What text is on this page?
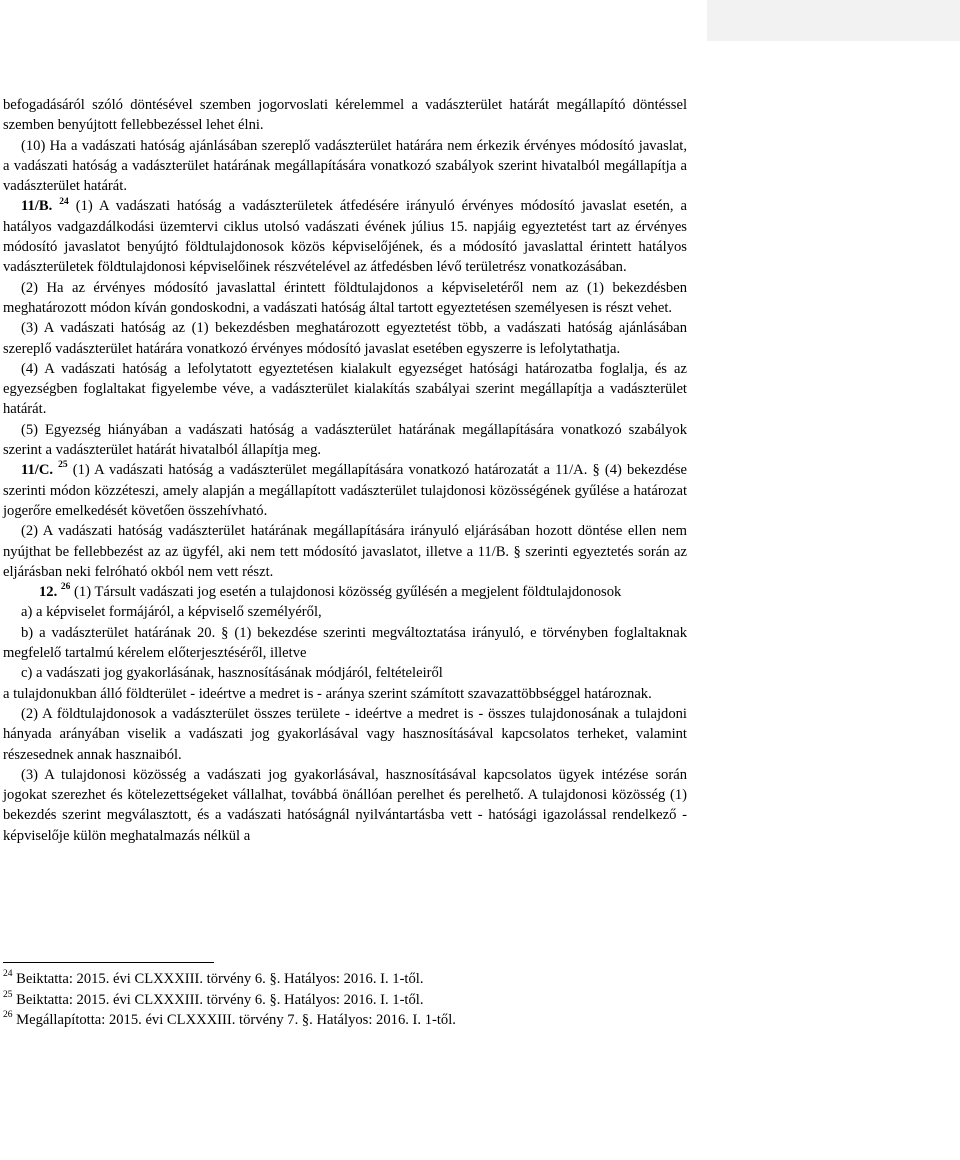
befogadásáról szóló döntésével szemben jogorvoslati kérelemmel a vadászterület határát megállapító döntéssel szemben benyújtott fellebbezéssel lehet élni.

(10) Ha a vadászati hatóság ajánlásában szereplő vadászterület határára nem érkezik érvényes módosító javaslat, a vadászati hatóság a vadászterület határának megállapítására vonatkozó szabályok szerint hivatalból megállapítja a vadászterület határát.

11/B. $^{24}$ (1) A vadászati hatóság a vadászterületek átfedésére irányuló érvényes módosító javaslat esetén, a hatályos vadgazdálkodási üzemtervi ciklus utolsó vadászati évének július 15. napjáig egyeztetést tart az érvényes módosító javaslatot benyújtó földtulajdonosok közös képviselőjének, és a módosító javaslattal érintett hatályos vadászterületek földtulajdonosi képviselőinek részvételével az átfedésben lévő területrész vonatkozásában.

(2) Ha az érvényes módosító javaslattal érintett földtulajdonos a képviseletéről nem az (1) bekezdésben meghatározott módon kíván gondoskodni, a vadászati hatóság által tartott egyeztetésen személyesen is részt vehet.

(3) A vadászati hatóság az (1) bekezdésben meghatározott egyeztetést több, a vadászati hatóság ajánlásában szereplő vadászterület határára vonatkozó érvényes módosító javaslat esetében egyszerre is lefolytathatja.

(4) A vadászati hatóság a lefolytatott egyeztetésen kialakult egyezséget hatósági határozatba foglalja, és az egyezségben foglaltakat figyelembe véve, a vadászterület kialakítás szabályai szerint megállapítja a vadászterület határát.

(5) Egyezség hiányában a vadászati hatóság a vadászterület határának megállapítására vonatkozó szabályok szerint a vadászterület határát hivatalból állapítja meg.

11/C. $^{25}$ (1) A vadászati hatóság a vadászterület megállapítására vonatkozó határozatát a 11/A. § (4) bekezdése szerinti módon közzéteszi, amely alapján a megállapított vadászterület tulajdonosi közösségének gyűlése a határozat jogerőre emelkedését követően összehívható.

(2) A vadászati hatóság vadászterület határának megállapítására irányuló eljárásában hozott döntése ellen nem nyújthat be fellebbezést az az ügyfél, aki nem tett módosító javaslatot, illetve a 11/B. § szerinti egyeztetés során az eljárásban neki felróható okból nem vett részt.

12. $^{26}$ (1) Társult vadászati jog esetén a tulajdonosi közösség gyűlésén a megjelent földtulajdonosok

a) a képviselet formájáról, a képviselő személyéről,

b) a vadászterület határának 20. § (1) bekezdése szerinti megváltoztatása irányuló, e törvényben foglaltaknak megfelelő tartalmú kérelem előterjesztéséről, illetve

c) a vadászati jog gyakorlásának, hasznosításának módjáról, feltételeiről

a tulajdonukban álló földterület - ideértve a medret is - aránya szerint számított szavazattöbbséggel határoznak.

(2) A földtulajdonosok a vadászterület összes területe - ideértve a medret is - összes tulajdonosának a tulajdoni hányada arányában viselik a vadászati jog gyakorlásával vagy hasznosításával kapcsolatos terheket, valamint részesednek annak hasznaiból.

(3) A tulajdonosi közösség a vadászati jog gyakorlásával, hasznosításával kapcsolatos ügyek intézése során jogokat szerezhet és kötelezettségeket vállalhat, továbbá önállóan perelhet és perelhető. A tulajdonosi közösség (1) bekezdés szerint megválasztott, és a vadászati hatóságnál nyilvántartásba vett - hatósági igazolással rendelkező - képviselője külön meghatalmazás nélkül a

$^{24}$ Beiktatta: 2015. évi CLXXXIII. törvény 6. §. Hatályos: 2016. I. 1-től.

$^{25}$ Beiktatta: 2015. évi CLXXXIII. törvény 6. §. Hatályos: 2016. I. 1-től.

$^{26}$ Megállapította: 2015. évi CLXXXIII. törvény 7. §. Hatályos: 2016. I. 1-től.
